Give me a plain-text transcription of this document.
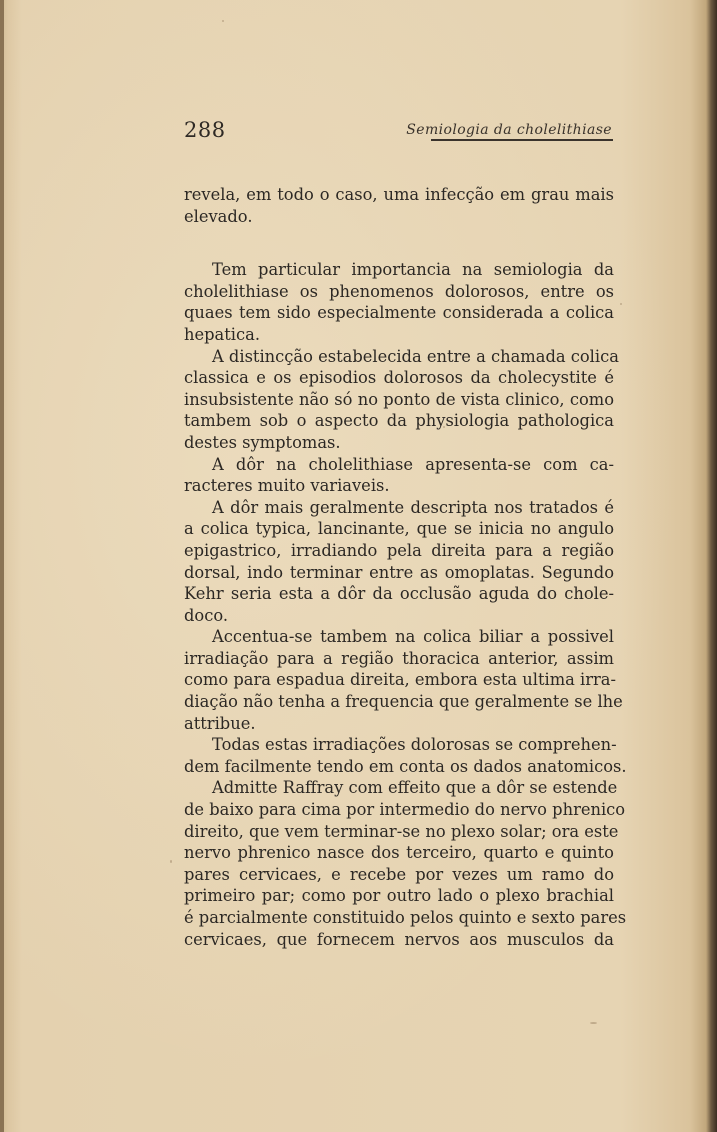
288	Semiologia da cholelithiase
revela, em todo o caso, uma infecção em grau mais
elevado.
Tem particular importancia na semiologia da
cholelithiase os phenomenos dolorosos, entre os
quaes tem sido especialmente considerada a colica
hepatica.
A distincção estabelecida entre a chamada colica
classica e os episodios dolorosos da cholecystite é
insubsistente não só no ponto de vista clinico, como
tambem sob o aspecto da physiologia pathologica
destes symptomas.
A dôr na cholelithiase apresenta-se com ca-
racteres muito variaveis.
A dôr mais geralmente descripta nos tratados é
a colica typica, lancinante, que se inicia no angulo
epigastrico, irradiando pela direita para a região
dorsal, indo terminar entre as omoplatas. Segundo
Kehr seria esta a dôr da occlusão aguda do chole-
doco.
Accentua-se tambem na colica biliar a possivel
irradiação para a região thoracica anterior, assim
como para espadua direita, embora esta ultima irra-
diação não tenha a frequencia que geralmente se lhe
attribue.
Todas estas irradiações dolorosas se comprehen-
dem facilmente tendo em conta os dados anatomicos.
Admitte Raffray com effeito que a dôr se estende
de baixo para cima por intermedio do nervo phrenico
direito, que vem terminar-se no plexo solar; ora este
nervo phrenico nasce dos terceiro, quarto e quinto
pares cervicaes, e recebe por vezes um ramo do
primeiro par; como por outro lado o plexo brachial
é parcialmente constituido pelos quinto e sexto pares
cervicaes, que fornecem nervos aos musculos da
